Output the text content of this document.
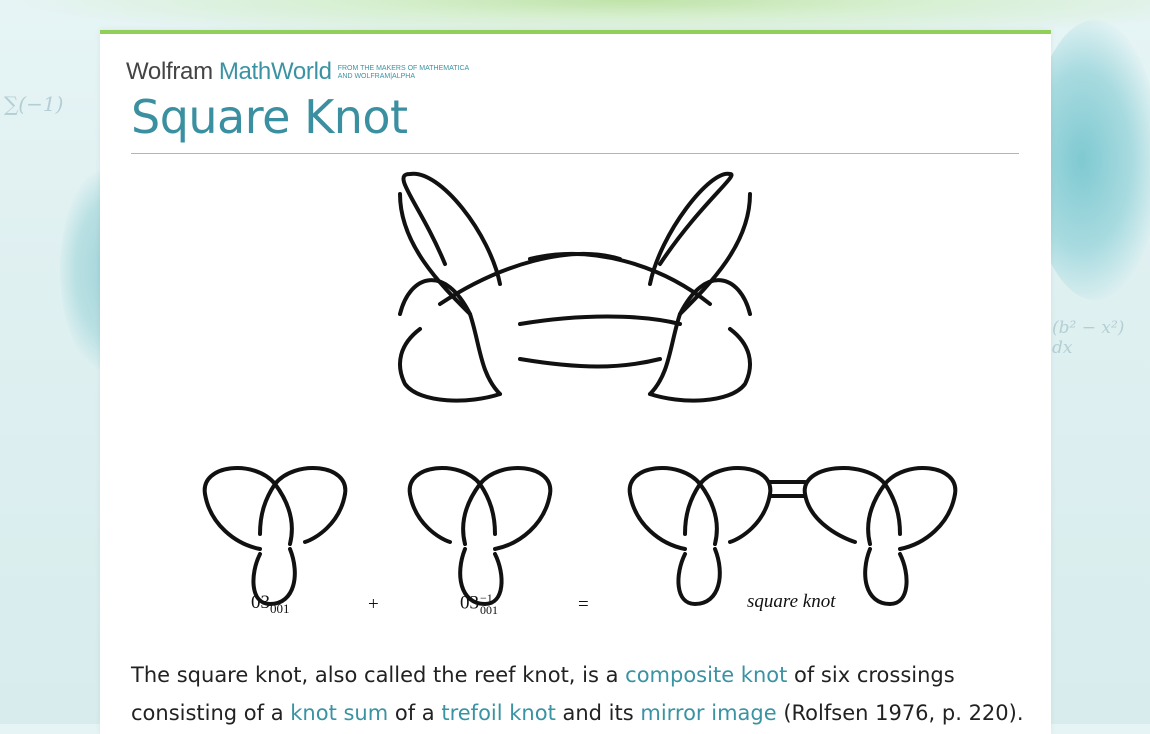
∑(−1)
(b² − x²) dx
Wolfram MathWorld FROM THE MAKERS OF MATHEMATICA
AND WOLFRAM|ALPHA
Square Knot
$03_{001}$	+	03 −1
001	=	square knot

The square knot, also called the reef knot, is a composite knot of six crossings consisting of a knot sum of a trefoil knot and its mirror image (Rolfsen 1976, p. 220).
